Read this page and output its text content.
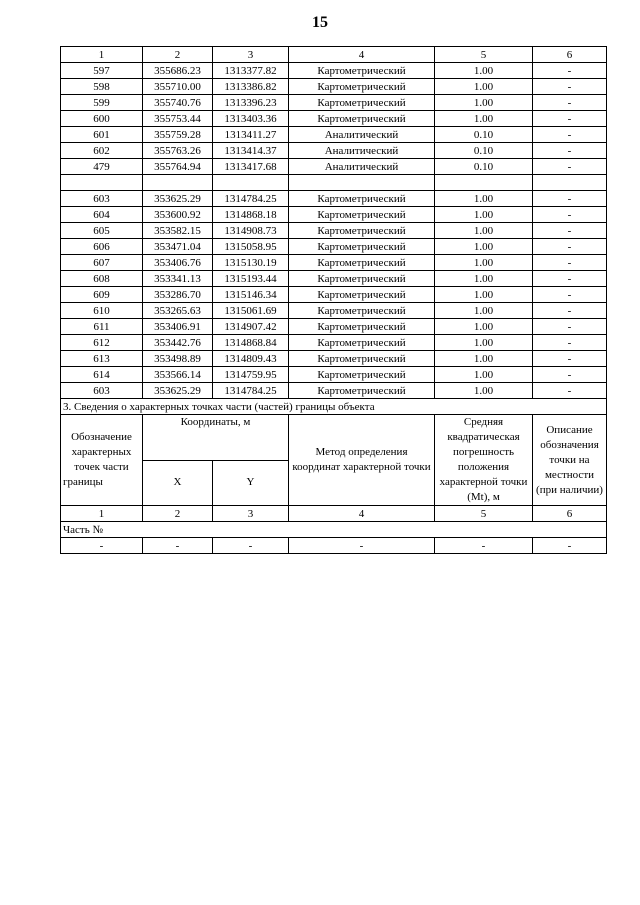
15
1	2	3	4	5	6
597	355686.23	1313377.82	Картометрический	1.00	-
598	355710.00	1313386.82	Картометрический	1.00	-
599	355740.76	1313396.23	Картометрический	1.00	-
600	355753.44	1313403.36	Картометрический	1.00	-
601	355759.28	1313411.27	Аналитический	0.10	-
602	355763.26	1313414.37	Аналитический	0.10	-
479	355764.94	1313417.68	Аналитический	0.10	-

603	353625.29	1314784.25	Картометрический	1.00	-
604	353600.92	1314868.18	Картометрический	1.00	-
605	353582.15	1314908.73	Картометрический	1.00	-
606	353471.04	1315058.95	Картометрический	1.00	-
607	353406.76	1315130.19	Картометрический	1.00	-
608	353341.13	1315193.44	Картометрический	1.00	-
609	353286.70	1315146.34	Картометрический	1.00	-
610	353265.63	1315061.69	Картометрический	1.00	-
611	353406.91	1314907.42	Картометрический	1.00	-
612	353442.76	1314868.84	Картометрический	1.00	-
613	353498.89	1314809.43	Картометрический	1.00	-
614	353566.14	1314759.95	Картометрический	1.00	-
603	353625.29	1314784.25	Картометрический	1.00	-
3. Сведения о характерных точках части (частей) границы объекта					
Обозначение характерных точек части границы	Координаты, м		Метод определения координат характерной точки	Средняя квадратическая погрешность положения характерной точки (Mt), м	Описание обозначения точки на местности (при наличии)
	X	Y			
1	2	3	4	5	6
Часть №					
-	-	-	-	-	-
